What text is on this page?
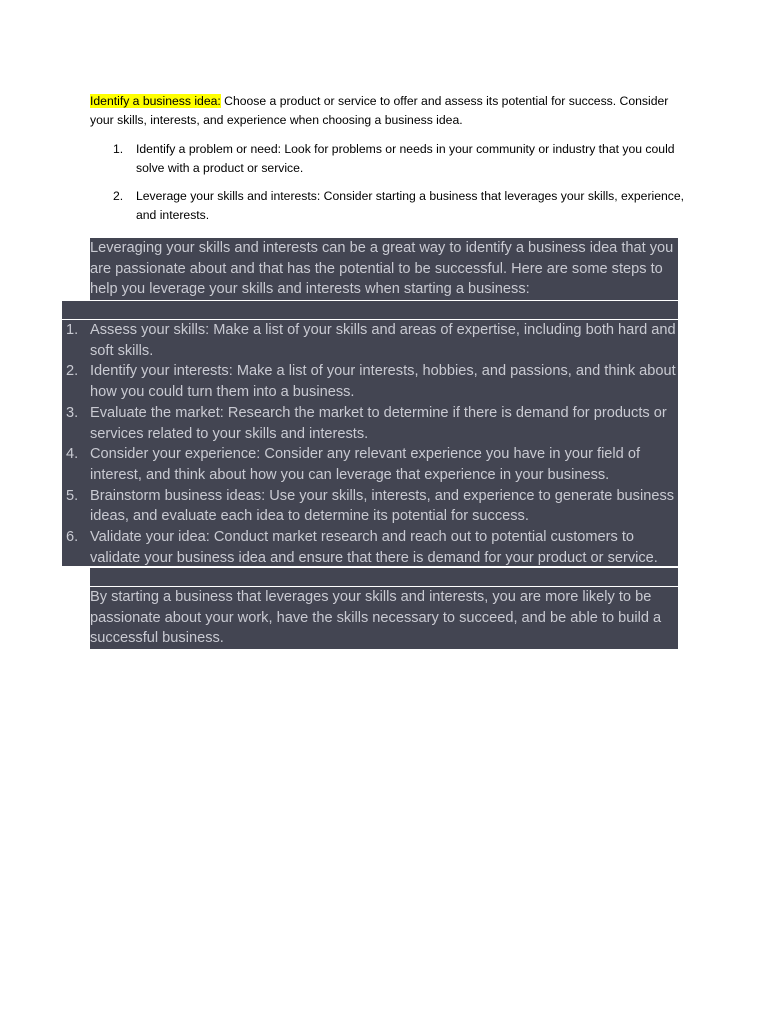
Identify a business idea: Choose a product or service to offer and assess its potential for success. Consider your skills, interests, and experience when choosing a business idea.

1. Identify a problem or need: Look for problems or needs in your community or industry that you could solve with a product or service.
2. Leverage your skills and interests: Consider starting a business that leverages your skills, experience, and interests.
Leveraging your skills and interests can be a great way to identify a business idea that you are passionate about and that has the potential to be successful. Here are some steps to help you leverage your skills and interests when starting a business:
1. Assess your skills: Make a list of your skills and areas of expertise, including both hard and soft skills.
2. Identify your interests: Make a list of your interests, hobbies, and passions, and think about how you could turn them into a business.
3. Evaluate the market: Research the market to determine if there is demand for products or services related to your skills and interests.
4. Consider your experience: Consider any relevant experience you have in your field of interest, and think about how you can leverage that experience in your business.
5. Brainstorm business ideas: Use your skills, interests, and experience to generate business ideas, and evaluate each idea to determine its potential for success.
6. Validate your idea: Conduct market research and reach out to potential customers to validate your business idea and ensure that there is demand for your product or service.
By starting a business that leverages your skills and interests, you are more likely to be passionate about your work, have the skills necessary to succeed, and be able to build a successful business.
